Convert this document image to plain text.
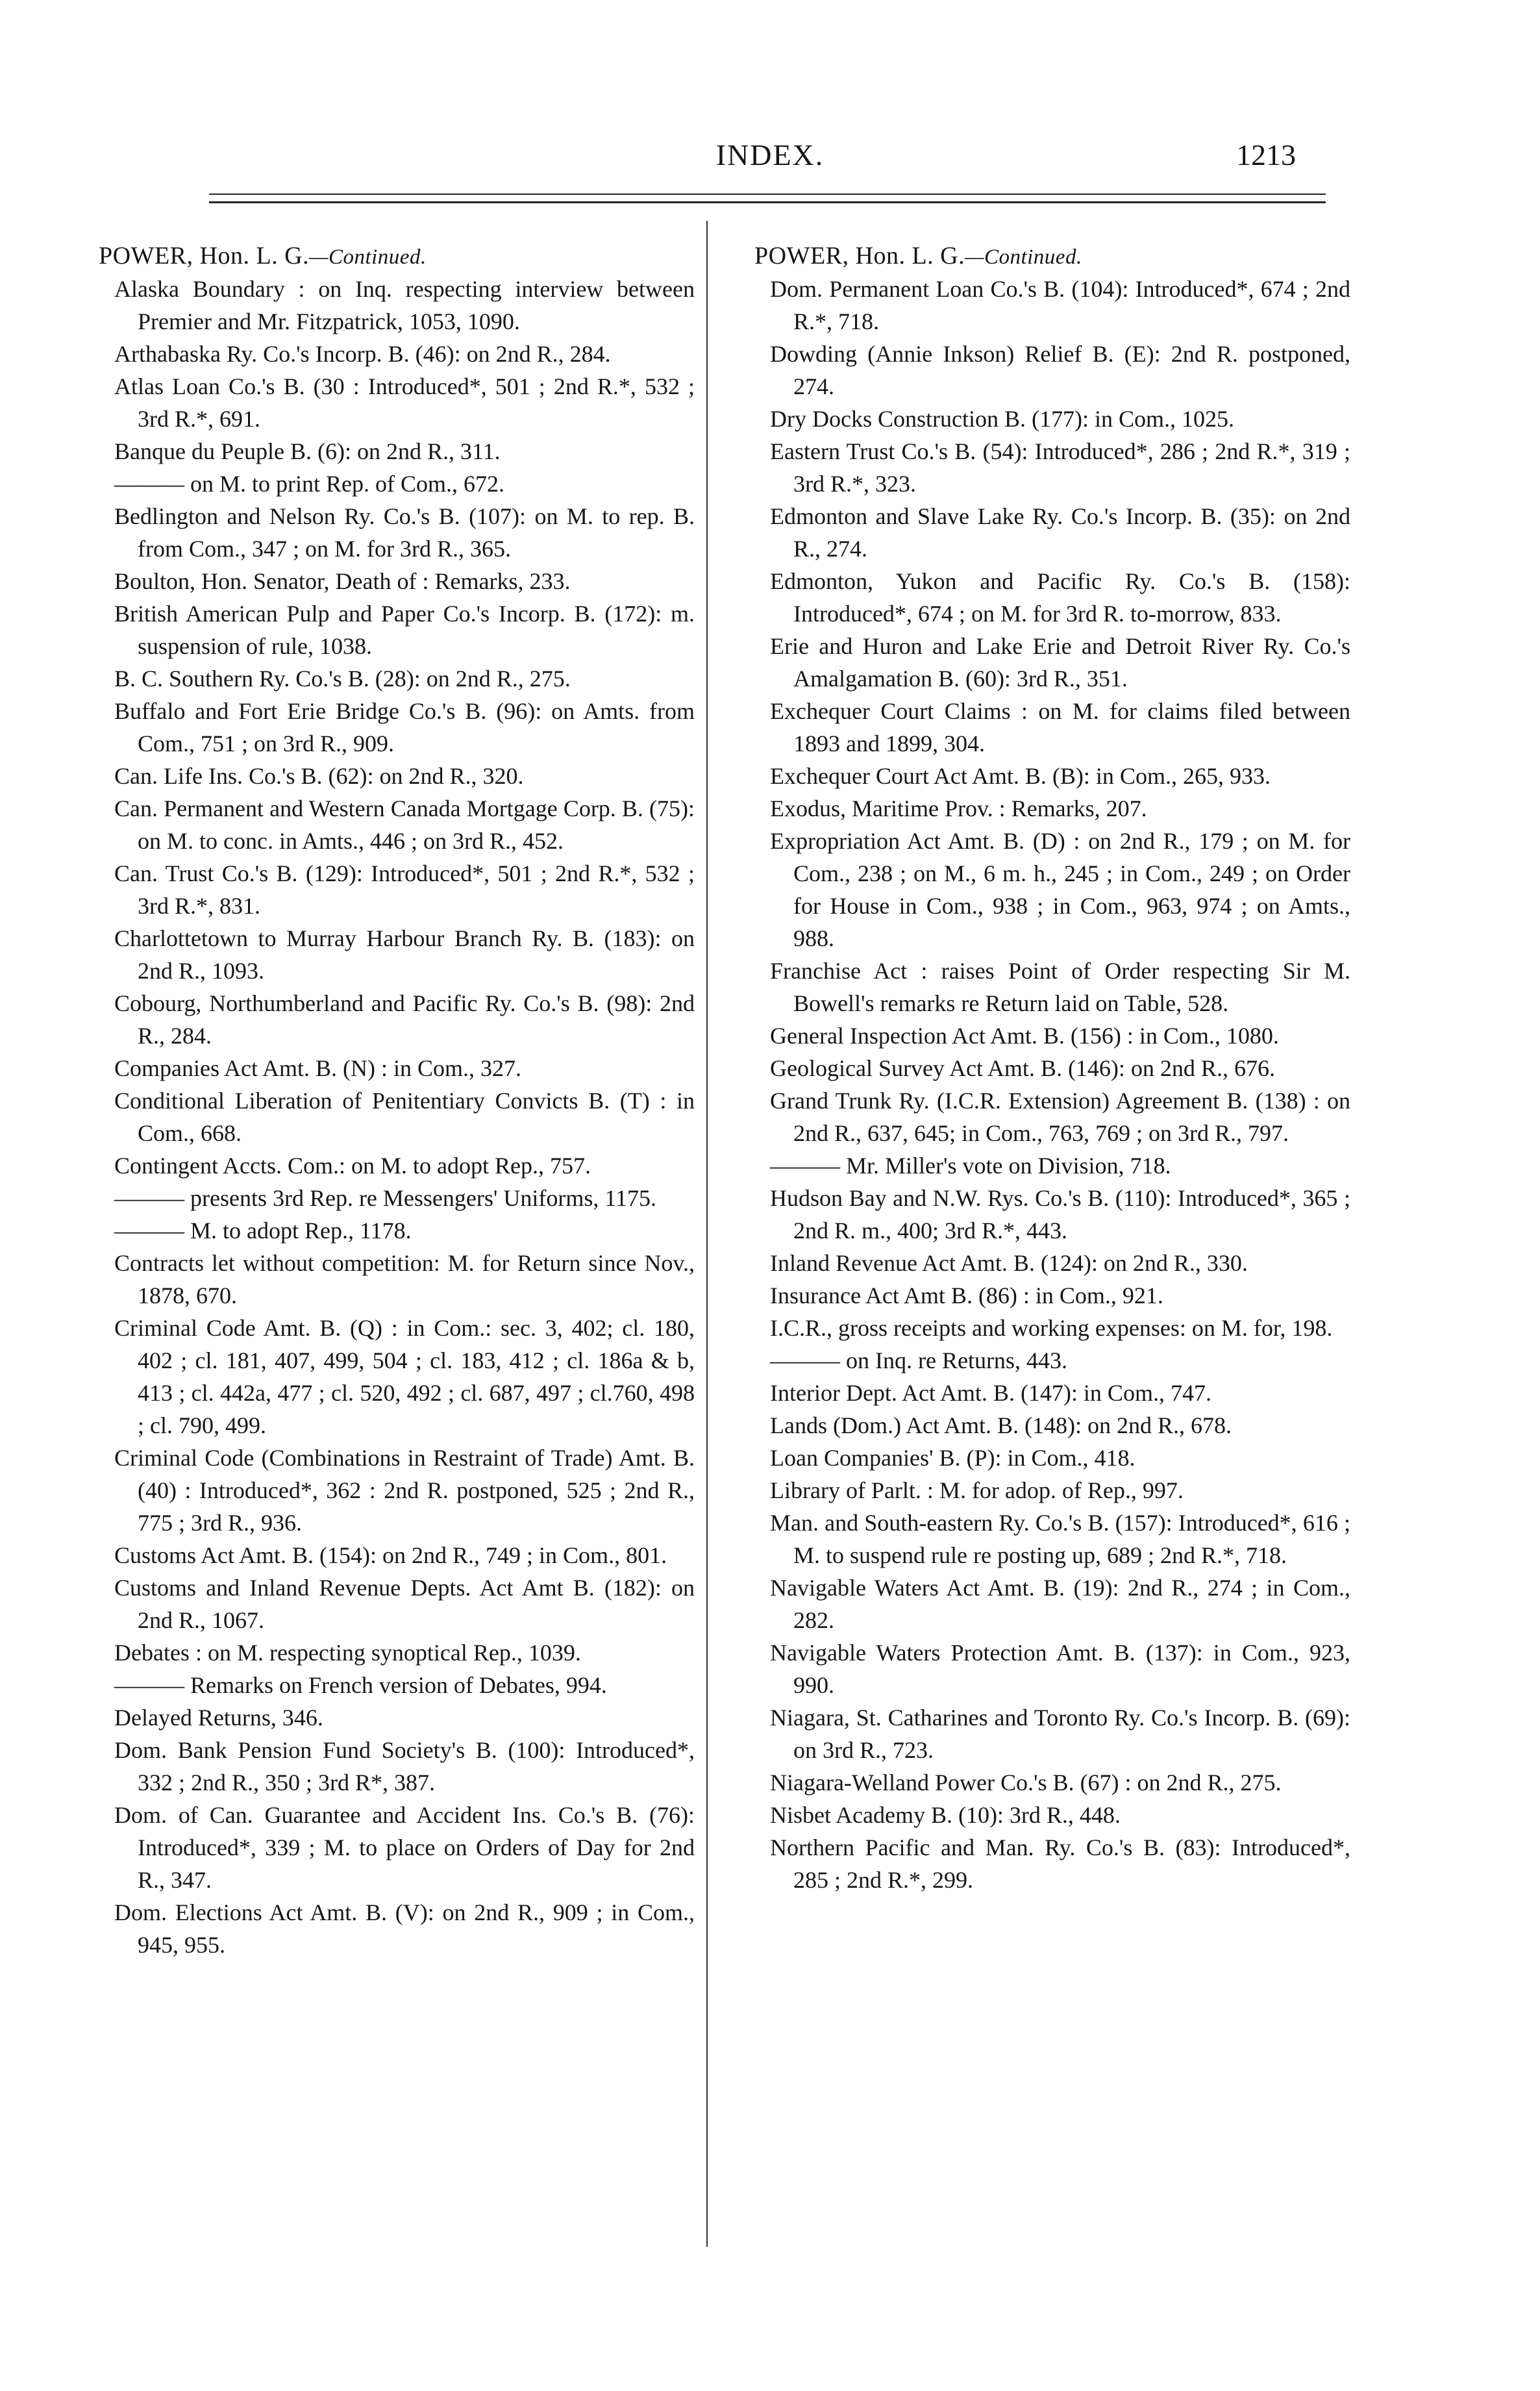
INDEX.	1213
POWER, Hon. L. G.—Continued.
Alaska Boundary : on Inq. respecting interview between Premier and Mr. Fitzpatrick, 1053, 1090.
Arthabaska Ry. Co.'s Incorp. B. (46): on 2nd R., 284.
Atlas Loan Co.'s B. (30 : Introduced*, 501 ; 2nd R.*, 532 ; 3rd R.*, 691.
Banque du Peuple B. (6): on 2nd R., 311.
——— on M. to print Rep. of Com., 672.
Bedlington and Nelson Ry. Co.'s B. (107): on M. to rep. B. from Com., 347 ; on M. for 3rd R., 365.
Boulton, Hon. Senator, Death of : Remarks, 233.
British American Pulp and Paper Co.'s Incorp. B. (172): m. suspension of rule, 1038.
B. C. Southern Ry. Co.'s B. (28): on 2nd R., 275.
Buffalo and Fort Erie Bridge Co.'s B. (96): on Amts. from Com., 751 ; on 3rd R., 909.
Can. Life Ins. Co.'s B. (62): on 2nd R., 320.
Can. Permanent and Western Canada Mortgage Corp. B. (75): on M. to conc. in Amts., 446 ; on 3rd R., 452.
Can. Trust Co.'s B. (129): Introduced*, 501 ; 2nd R.*, 532 ; 3rd R.*, 831.
Charlottetown to Murray Harbour Branch Ry. B. (183): on 2nd R., 1093.
Cobourg, Northumberland and Pacific Ry. Co.'s B. (98): 2nd R., 284.
Companies Act Amt. B. (N) : in Com., 327.
Conditional Liberation of Penitentiary Convicts B. (T) : in Com., 668.
Contingent Accts. Com.: on M. to adopt Rep., 757.
——— presents 3rd Rep. re Messengers' Uniforms, 1175.
——— M. to adopt Rep., 1178.
Contracts let without competition: M. for Return since Nov., 1878, 670.
Criminal Code Amt. B. (Q) : in Com.: sec. 3, 402; cl. 180, 402 ; cl. 181, 407, 499, 504 ; cl. 183, 412 ; cl. 186a & b, 413 ; cl. 442a, 477 ; cl. 520, 492 ; cl. 687, 497 ; cl.760, 498 ; cl. 790, 499.
Criminal Code (Combinations in Restraint of Trade) Amt. B. (40) : Introduced*, 362 : 2nd R. postponed, 525 ; 2nd R., 775 ; 3rd R., 936.
Customs Act Amt. B. (154): on 2nd R., 749 ; in Com., 801.
Customs and Inland Revenue Depts. Act Amt B. (182): on 2nd R., 1067.
Debates : on M. respecting synoptical Rep., 1039.
——— Remarks on French version of Debates, 994.
Delayed Returns, 346.
Dom. Bank Pension Fund Society's B. (100): Introduced*, 332 ; 2nd R., 350 ; 3rd R*, 387.
Dom. of Can. Guarantee and Accident Ins. Co.'s B. (76): Introduced*, 339 ; M. to place on Orders of Day for 2nd R., 347.
Dom. Elections Act Amt. B. (V): on 2nd R., 909 ; in Com., 945, 955.
POWER, Hon. L. G.—Continued.
Dom. Permanent Loan Co.'s B. (104): Introduced*, 674 ; 2nd R.*, 718.
Dowding (Annie Inkson) Relief B. (E): 2nd R. postponed, 274.
Dry Docks Construction B. (177): in Com., 1025.
Eastern Trust Co.'s B. (54): Introduced*, 286 ; 2nd R.*, 319 ; 3rd R.*, 323.
Edmonton and Slave Lake Ry. Co.'s Incorp. B. (35): on 2nd R., 274.
Edmonton, Yukon and Pacific Ry. Co.'s B. (158): Introduced*, 674 ; on M. for 3rd R. to-morrow, 833.
Erie and Huron and Lake Erie and Detroit River Ry. Co.'s Amalgamation B. (60): 3rd R., 351.
Exchequer Court Claims : on M. for claims filed between 1893 and 1899, 304.
Exchequer Court Act Amt. B. (B): in Com., 265, 933.
Exodus, Maritime Prov. : Remarks, 207.
Expropriation Act Amt. B. (D) : on 2nd R., 179 ; on M. for Com., 238 ; on M., 6 m. h., 245 ; in Com., 249 ; on Order for House in Com., 938 ; in Com., 963, 974 ; on Amts., 988.
Franchise Act : raises Point of Order respecting Sir M. Bowell's remarks re Return laid on Table, 528.
General Inspection Act Amt. B. (156) : in Com., 1080.
Geological Survey Act Amt. B. (146): on 2nd R., 676.
Grand Trunk Ry. (I.C.R. Extension) Agreement B. (138) : on 2nd R., 637, 645; in Com., 763, 769 ; on 3rd R., 797.
——— Mr. Miller's vote on Division, 718.
Hudson Bay and N.W. Rys. Co.'s B. (110): Introduced*, 365 ; 2nd R. m., 400; 3rd R.*, 443.
Inland Revenue Act Amt. B. (124): on 2nd R., 330.
Insurance Act Amt B. (86) : in Com., 921.
I.C.R., gross receipts and working expenses: on M. for, 198.
——— on Inq. re Returns, 443.
Interior Dept. Act Amt. B. (147): in Com., 747.
Lands (Dom.) Act Amt. B. (148): on 2nd R., 678.
Loan Companies' B. (P): in Com., 418.
Library of Parlt. : M. for adop. of Rep., 997.
Man. and South-eastern Ry. Co.'s B. (157): Introduced*, 616 ; M. to suspend rule re posting up, 689 ; 2nd R.*, 718.
Navigable Waters Act Amt. B. (19): 2nd R., 274 ; in Com., 282.
Navigable Waters Protection Amt. B. (137): in Com., 923, 990.
Niagara, St. Catharines and Toronto Ry. Co.'s Incorp. B. (69): on 3rd R., 723.
Niagara-Welland Power Co.'s B. (67) : on 2nd R., 275.
Nisbet Academy B. (10): 3rd R., 448.
Northern Pacific and Man. Ry. Co.'s B. (83): Introduced*, 285 ; 2nd R.*, 299.
